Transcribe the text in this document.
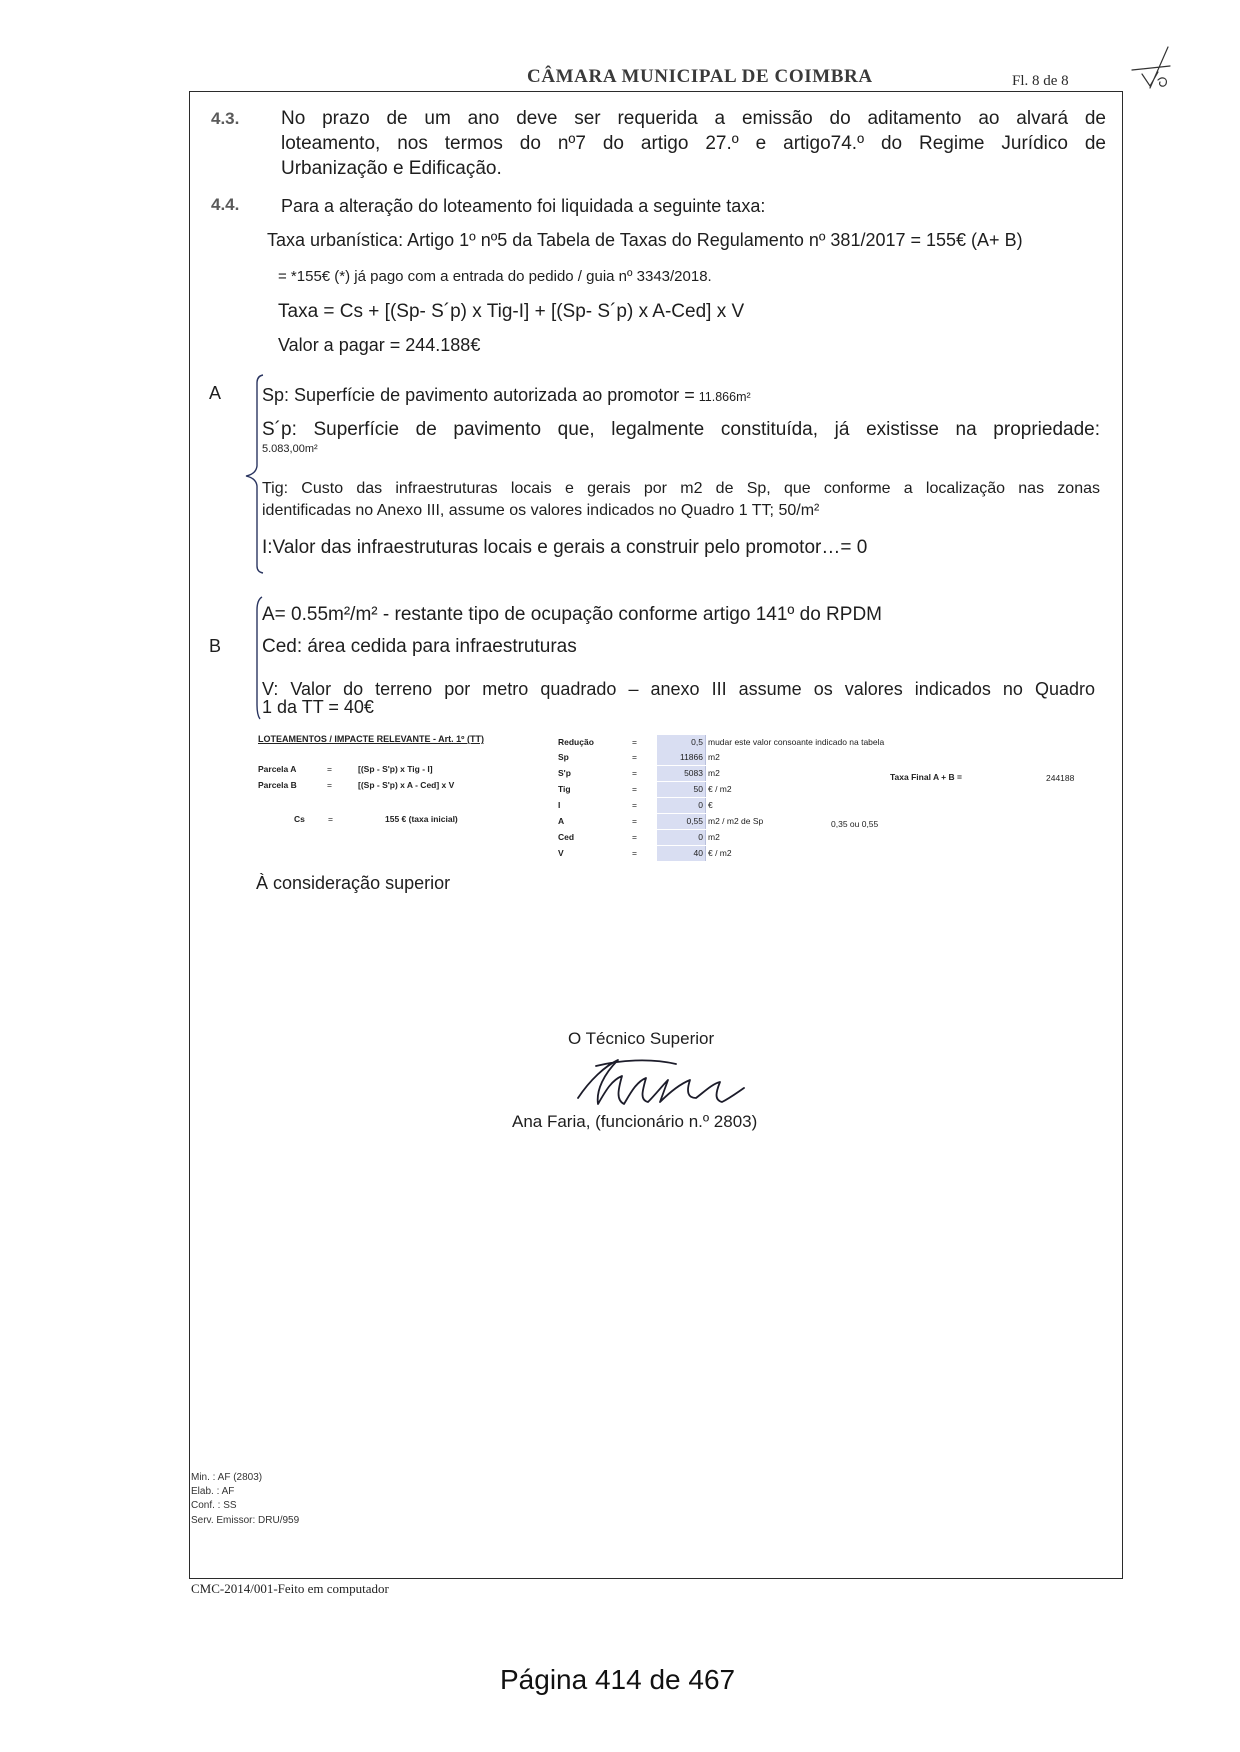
CÂMARA MUNICIPAL DE COIMBRA	Fl. 8 de 8
4.3. No prazo de um ano deve ser requerida a emissão do aditamento ao alvará de
loteamento, nos termos do nº7 do artigo 27.º e artigo74.º do Regime Jurídico de
Urbanização e Edificação.
4.4. Para a alteração do loteamento foi liquidada a seguinte taxa:
Taxa urbanística: Artigo 1º nº5 da Tabela de Taxas do Regulamento nº 381/2017 = 155€ (A+ B)
= *155€ (*) já pago com a entrada do pedido / guia nº 3343/2018.
Taxa = Cs + [(Sp- S´p) x Tig-I] + [(Sp- S´p) x A-Ced] x V
Valor a pagar = 244.188€
A Sp: Superfície de pavimento autorizada ao promotor = 11.866m²
S´p: Superfície de pavimento que, legalmente constituída, já existisse na propriedade:
5.083,00m²
Tig: Custo das infraestruturas locais e gerais por m2 de Sp, que conforme a localização nas zonas
identificadas no Anexo III, assume os valores indicados no Quadro 1 TT; 50/m²
I:Valor das infraestruturas locais e gerais a construir pelo promotor…= 0
A= 0.55m²/m² - restante tipo de ocupação conforme artigo 141º do RPDM
B Ced: área cedida para infraestruturas
V: Valor do terreno por metro quadrado – anexo III assume os valores indicados no Quadro
1 da TT = 40€
LOTEAMENTOS / IMPACTE RELEVANTE - Art. 1º (TT)
Parcela A	=	[(Sp - S'p) x Tig - I]
Parcela B	=	[(Sp - S'p) x A - Ced] x V
Cs	=	155 € (taxa inicial)
Redução	=	0,5 mudar este valor consoante indicado na tabela
Sp	=	11866 m2
S'p	=	5083 m2
Tig	=	50 € / m2
I	=	0 €
A	=	0,55 m2 / m2 de Sp
Ced	=	0 m2
V	=	40 € / m2
Taxa Final A + B =	244188
0,35 ou 0,55
À consideração superior
O Técnico Superior
Ana Faria, (funcionário n.º 2803)
Min. : AF (2803)
Elab. : AF
Conf. : SS
Serv. Emissor: DRU/959
CMC-2014/001-Feito em computador
Página 414 de 467
